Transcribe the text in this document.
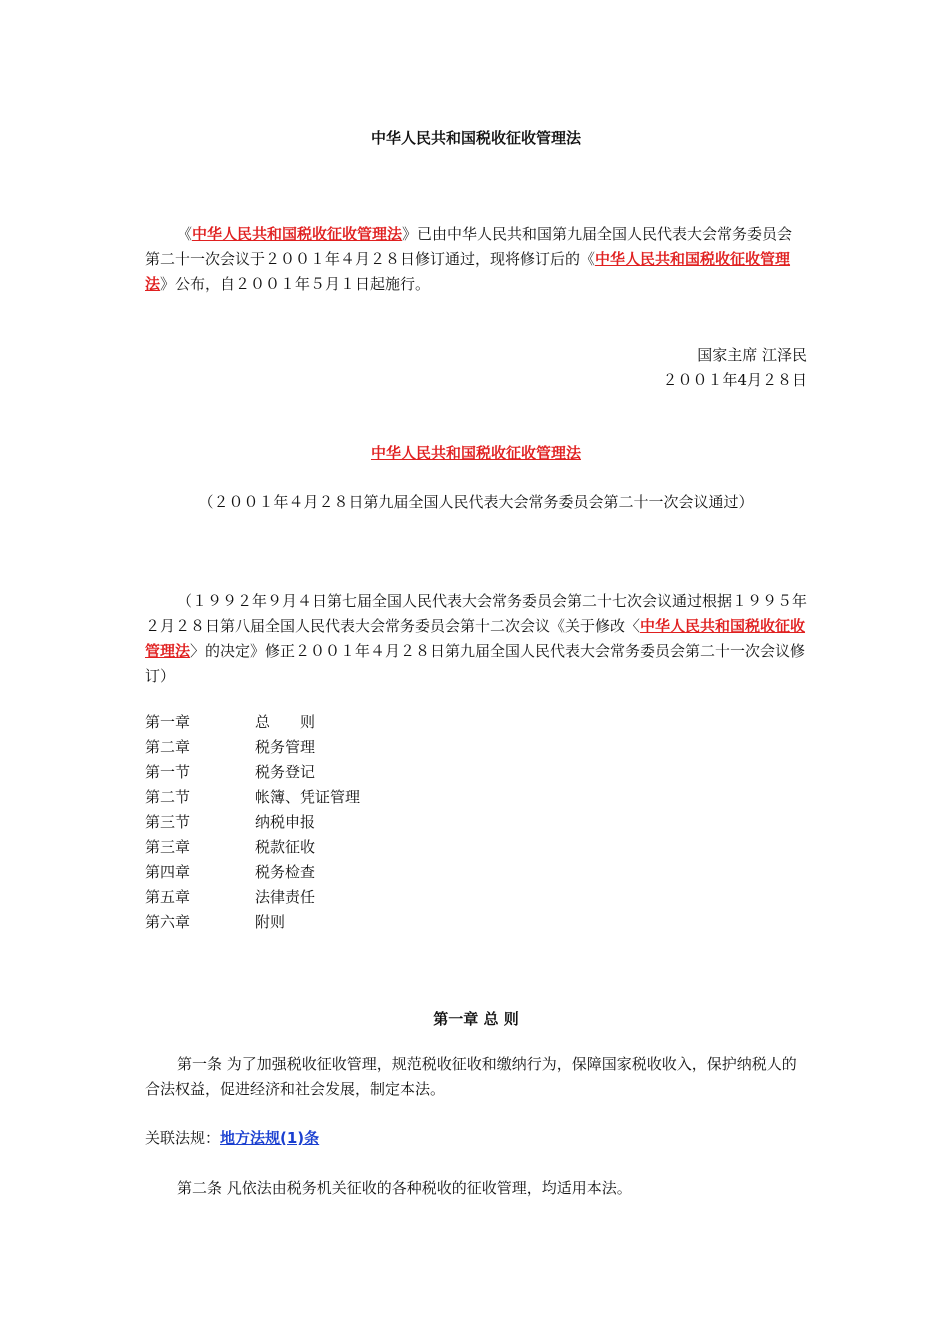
中华人民共和国税收征收管理法
《中华人民共和国税收征收管理法》已由中华人民共和国第九届全国人民代表大会常务委员会第二十一次会议于２００１年４月２８日修订通过，现将修订后的《中华人民共和国税收征收管理法》公布，自２００１年５月１日起施行。
国家主席 江泽民
２００１年4月２８日
中华人民共和国税收征收管理法
（２００１年４月２８日第九届全国人民代表大会常务委员会第二十一次会议通过）
（１９９２年９月４日第七届全国人民代表大会常务委员会第二十七次会议通过根据１９９５年２月２８日第八届全国人民代表大会常务委员会第十二次会议《关于修改〈中华人民共和国税收征收管理法〉的决定》修正２００１年４月２８日第九届全国人民代表大会常务委员会第二十一次会议修订）
第一章	总　　则
第二章	税务管理
第一节	税务登记
第二节	帐簿、凭证管理
第三节	纳税申报
第三章	税款征收
第四章	税务检查
第五章	法律责任
第六章	附则
第一章 总 则
第一条 为了加强税收征收管理，规范税收征收和缴纳行为，保障国家税收收入，保护纳税人的合法权益，促进经济和社会发展，制定本法。
关联法规：地方法规(1)条
第二条 凡依法由税务机关征收的各种税收的征收管理，均适用本法。
